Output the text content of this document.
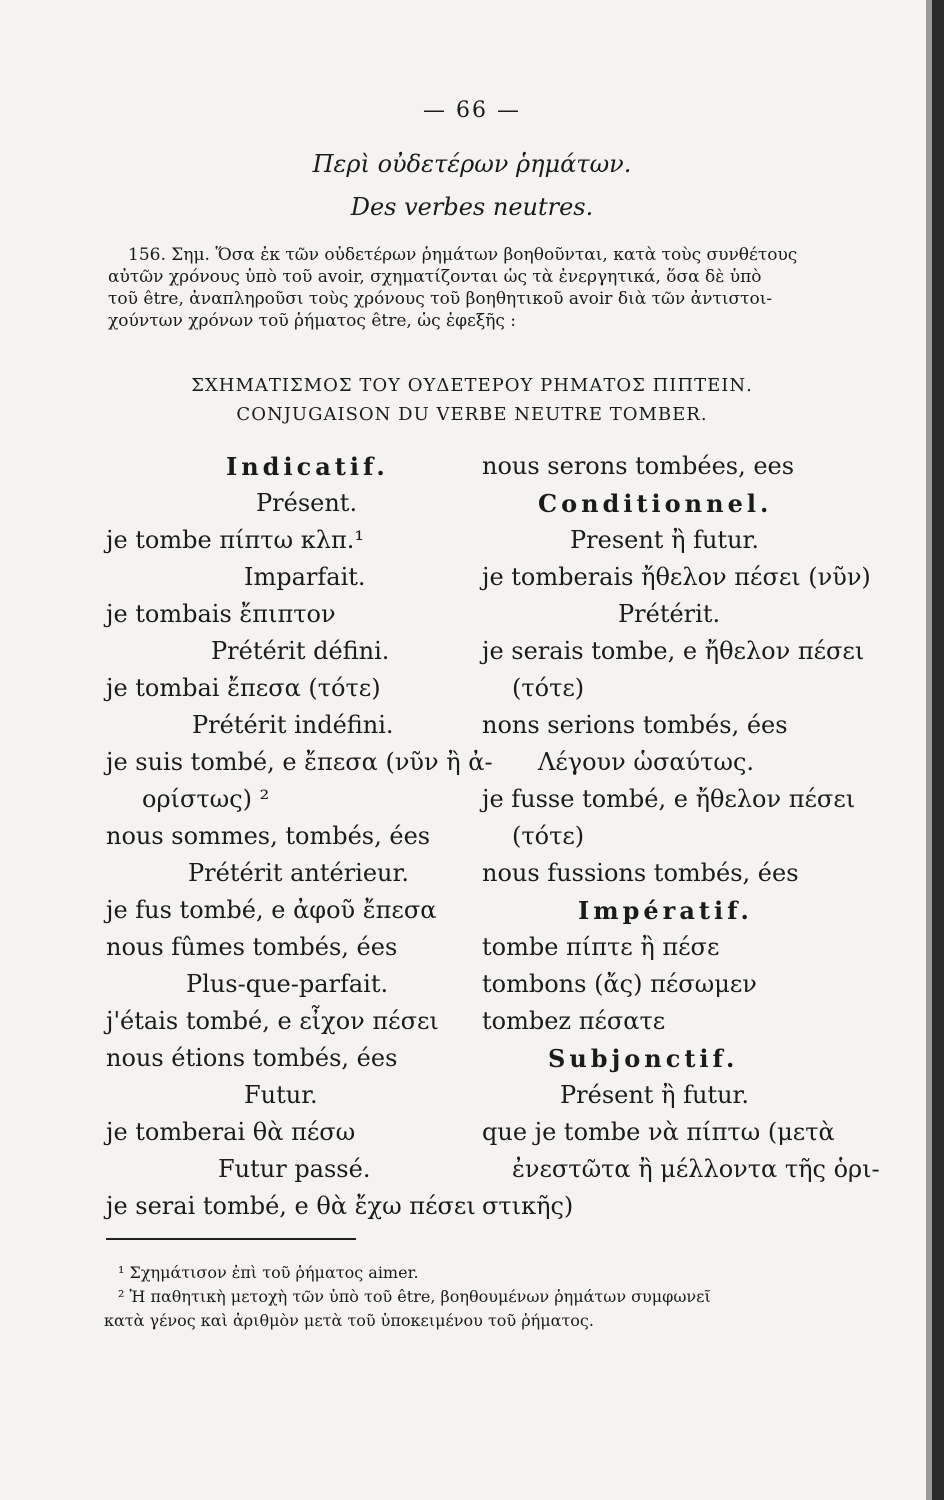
— 66 —
Περὶ οὐδετέρων ῥημάτων.
Des verbes neutres.
156. Σημ. Ὅσα ἐκ τῶν οὐδετέρων ῥημάτων βοηθοῦνται, κατὰ τοὺς συνθέτους
αὐτῶν χρόνους ὑπὸ τοῦ avoir, σχηματίζονται ὡς τὰ ἐνεργητικά, ὅσα δὲ ὑπὸ
τοῦ être, ἀναπληροῦσι τοὺς χρόνους τοῦ βοηθητικοῦ avoir διὰ τῶν ἀντιστοι-
χούντων χρόνων τοῦ ῥήματος être, ὡς ἐφεξῆς :
ΣΧΗΜΑΤΙΣΜΟΣ ΤΟΥ ΟΥΔΕΤΕΡΟΥ ΡΗΜΑΤΟΣ ΠΙΠΤΕΙΝ.
CONJUGAISON DU VERBE NEUTRE TOMBER.
Indicatif.
Présent.
je tombe πίπτω κλπ.¹
Imparfait.
je tombais ἔπιπτον
Prétérit défini.
je tombai ἔπεσα (τότε)
Prétérit indéfini.
je suis tombé, e ἔπεσα (νῦν ἢ ἀ-
ορίστως) ²
nous sommes, tombés, ées
Prétérit antérieur.
je fus tombé, e ἀφοῦ ἔπεσα
nous fûmes tombés, ées
Plus-que-parfait.
j'étais tombé, e εἶχον πέσει
nous étions tombés, ées
Futur.
je tomberai θὰ πέσω
Futur passé.
je serai tombé, e θὰ ἔχω πέσει
nous serons tombées, ees
Conditionnel.
Present ἢ futur.
je tomberais ἤθελον πέσει (νῦν)
Prétérit.
je serais tombe, e ἤθελον πέσει
(τότε)
nons serions tombés, ées
Λέγουν ὡσαύτως.
je fusse tombé, e ἤθελον πέσει
(τότε)
nous fussions tombés, ées
Impératif.
tombe πίπτε ἢ πέσε
tombons (ἄς) πέσωμεν
tombez πέσατε
Subjonctif.
Présent ἢ futur.
que je tombe νὰ πίπτω (μετὰ
ἐνεστῶτα ἢ μέλλοντα τῆς ὁρι-
στικῆς)
¹ Σχημάτισον ἐπὶ τοῦ ῥήματος aimer.
² Ἡ παθητικὴ μετοχὴ τῶν ὑπὸ τοῦ être, βοηθουμένων ῥημάτων συμφωνεῖ
κατὰ γένος καὶ ἀριθμὸν μετὰ τοῦ ὑποκειμένου τοῦ ῥήματος.
